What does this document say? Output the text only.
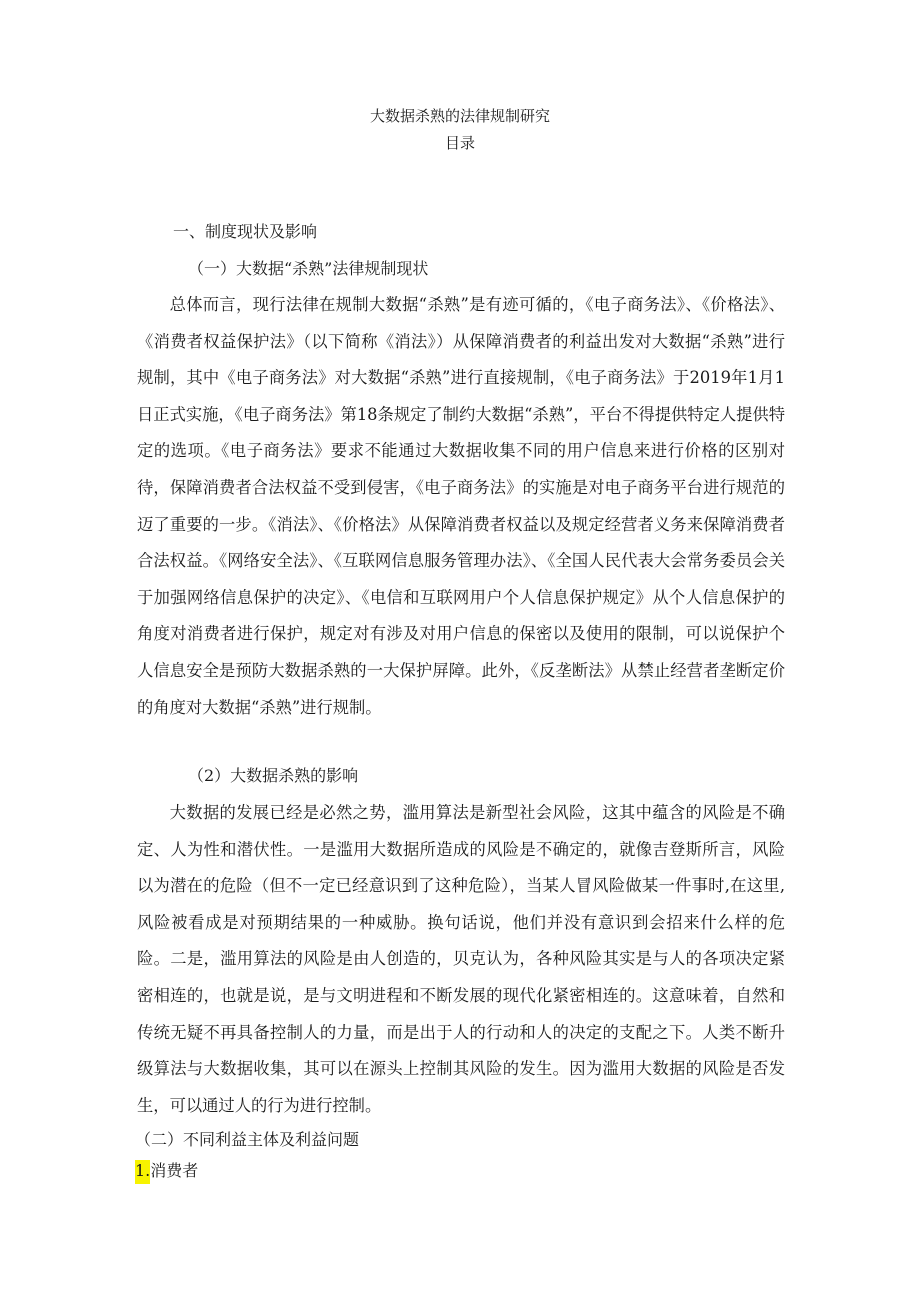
大数据杀熟的法律规制研究
目录
一、制度现状及影响
（一）大数据“杀熟”法律规制现状

总体而言，现行法律在规制大数据“杀熟”是有迹可循的，《电子商务法》、《价格法》、《消费者权益保护法》（以下简称《消法》）从保障消费者的利益出发对大数据“杀熟”进行规制，其中《电子商务法》对大数据“杀熟”进行直接规制，《电子商务法》于2019年1月1日正式实施，《电子商务法》第18条规定了制约大数据“杀熟”，平台不得提供特定人提供特定的选项。《电子商务法》要求不能通过大数据收集不同的用户信息来进行价格的区别对待，保障消费者合法权益不受到侵害，《电子商务法》的实施是对电子商务平台进行规范的迈了重要的一步。《消法》、《价格法》从保障消费者权益以及规定经营者义务来保障消费者合法权益。《网络安全法》、《互联网信息服务管理办法》、《全国人民代表大会常务委员会关于加强网络信息保护的决定》、《电信和互联网用户个人信息保护规定》从个人信息保护的角度对消费者进行保护，规定对有涉及对用户信息的保密以及使用的限制，可以说保护个人信息安全是预防大数据杀熟的一大保护屏障。此外，《反垄断法》从禁止经营者垄断定价的角度对大数据“杀熟”进行规制。

（2）大数据杀熟的影响

大数据的发展已经是必然之势，滥用算法是新型社会风险，这其中蕴含的风险是不确定、人为性和潜伏性。一是滥用大数据所造成的风险是不确定的，就像吉登斯所言，风险以为潜在的危险（但不一定已经意识到了这种危险），当某人冒风险做某一件事时,在这里,风险被看成是对预期结果的一种威胁。换句话说，他们并没有意识到会招来什么样的危险。二是，滥用算法的风险是由人创造的，贝克认为，各种风险其实是与人的各项决定紧密相连的，也就是说，是与文明进程和不断发展的现代化紧密相连的。这意味着，自然和传统无疑不再具备控制人的力量，而是出于人的行动和人的决定的支配之下。人类不断升级算法与大数据收集，其可以在源头上控制其风险的发生。因为滥用大数据的风险是否发生，可以通过人的行为进行控制。

（二）不同利益主体及利益问题
1.消费者
